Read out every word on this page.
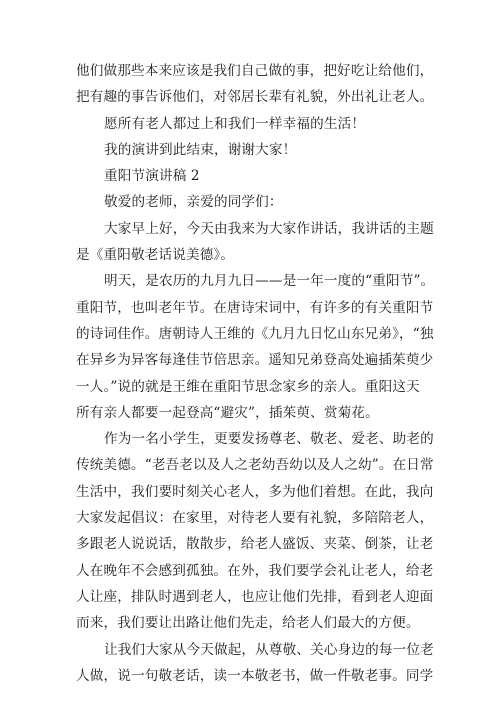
他们做那些本来应该是我们自己做的事，把好吃让给他们，
把有趣的事告诉他们，对邻居长辈有礼貌，外出礼让老人。
愿所有老人都过上和我们一样幸福的生活！
我的演讲到此结束，谢谢大家！
重阳节演讲稿 2
敬爱的老师，亲爱的同学们：
大家早上好，今天由我来为大家作讲话，我讲话的主题
是《重阳敬老话说美德》。
明天，是农历的九月九日——是一年一度的“重阳节”。
重阳节，也叫老年节。在唐诗宋词中，有许多的有关重阳节
的诗词佳作。唐朝诗人王维的《九月九日忆山东兄弟》，“独
在异乡为异客每逢佳节倍思亲。遥知兄弟登高处遍插茱萸少
一人。”说的就是王维在重阳节思念家乡的亲人。重阳这天
所有亲人都要一起登高“避灾”，插茱萸、赏菊花。
作为一名小学生，更要发扬尊老、敬老、爱老、助老的
传统美德。“老吾老以及人之老幼吾幼以及人之幼”。在日常
生活中，我们要时刻关心老人，多为他们着想。在此，我向
大家发起倡议：在家里，对待老人要有礼貌，多陪陪老人，
多跟老人说说话，散散步，给老人盛饭、夹菜、倒茶，让老
人在晚年不会感到孤独。在外，我们要学会礼让老人，给老
人让座，排队时遇到老人，也应让他们先排，看到老人迎面
而来，我们要让出路让他们先走，给老人们最大的方便。
让我们大家从今天做起，从尊敬、关心身边的每一位老
人做，说一句敬老话，读一本敬老书，做一件敬老事。同学
